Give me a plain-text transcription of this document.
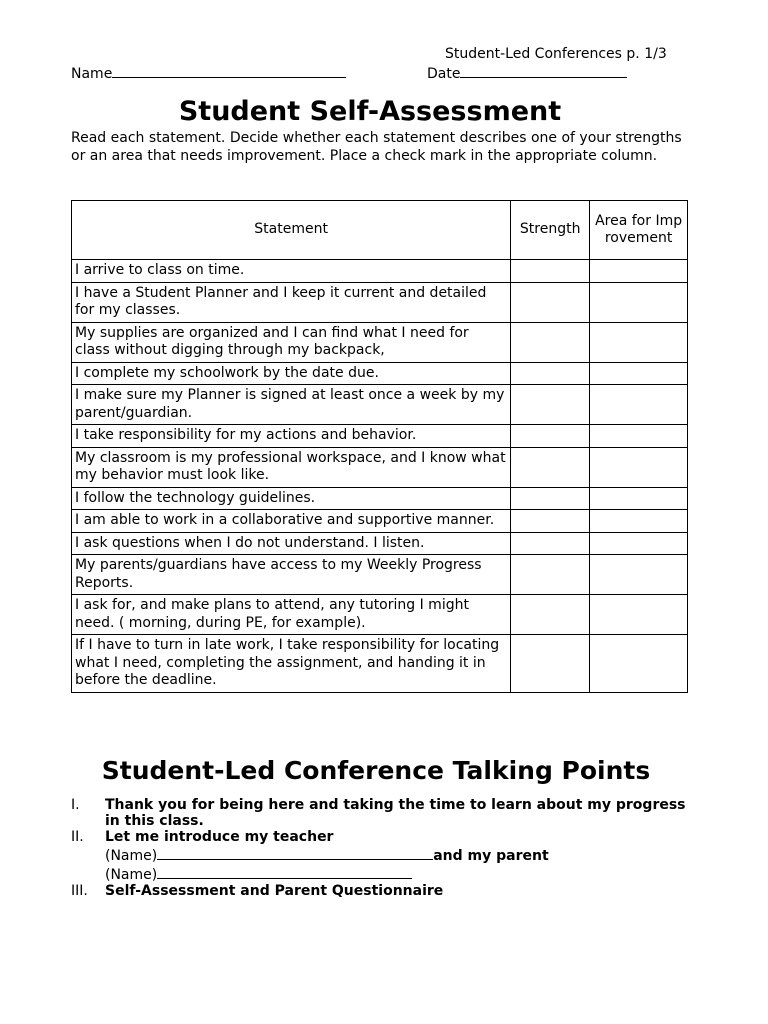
Student-Led Conferences p. 1/3
Name	Date
Student Self-Assessment

Read each statement. Decide whether each statement describes one of your strengths or an area that needs improvement. Place a check mark in the appropriate column.

Statement	Strength	Area for Improvement
I arrive to class on time.		
I have a Student Planner and I keep it current and detailed for my classes.		
My supplies are organized and I can find what I need for class without digging through my backpack,		
I complete my schoolwork by the date due.		
I make sure my Planner is signed at least once a week by my parent/guardian.		
I take responsibility for my actions and behavior.		
My classroom is my professional workspace, and I know what my behavior must look like.		
I follow the technology guidelines.		
I am able to work in a collaborative and supportive manner.		
I ask questions when I do not understand. I listen.		
My parents/guardians have access to my Weekly Progress Reports.		
I ask for, and make plans to attend, any tutoring I might need. ( morning, during PE, for example).		
If I have to turn in late work, I take responsibility for locating what I need, completing the assignment, and handing it in before the deadline.		
Student-Led Conference Talking Points
I.	Thank you for being here and taking the time to learn about my progress in this class.
II.	Let me introduce my teacher
(Name)	and my parent
(Name)
III.	Self-Assessment and Parent Questionnaire
